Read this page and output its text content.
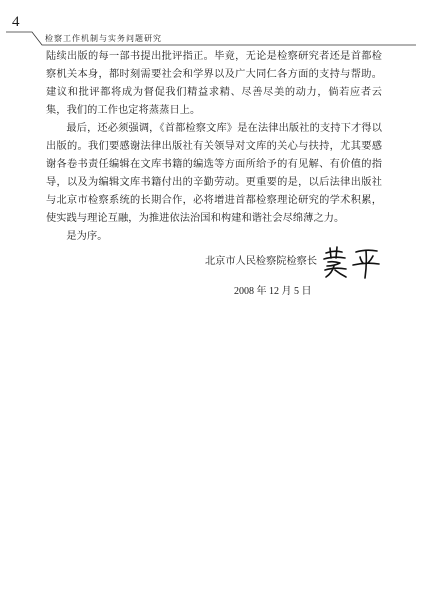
4
检察工作机制与实务问题研究

陆续出版的每一部书提出批评指正。毕竟，无论是检察研究者还是首都检察机关本身，都时刻需要社会和学界以及广大同仁各方面的支持与帮助。建议和批评都将成为督促我们精益求精、尽善尽美的动力，倘若应者云集，我们的工作也定将蒸蒸日上。

最后，还必须强调，《首都检察文库》是在法律出版社的支持下才得以出版的。我们要感谢法律出版社有关领导对文库的关心与扶持，尤其要感谢各卷书责任编辑在文库书籍的编选等方面所给予的有见解、有价值的指导，以及为编辑文库书籍付出的辛勤劳动。更重要的是，以后法律出版社与北京市检察系统的长期合作，必将增进首都检察理论研究的学术积累，使实践与理论互融，为推进依法治国和构建和谐社会尽绵薄之力。

是为序。

北京市人民检察院检察长
2008 年 12 月 5 日
